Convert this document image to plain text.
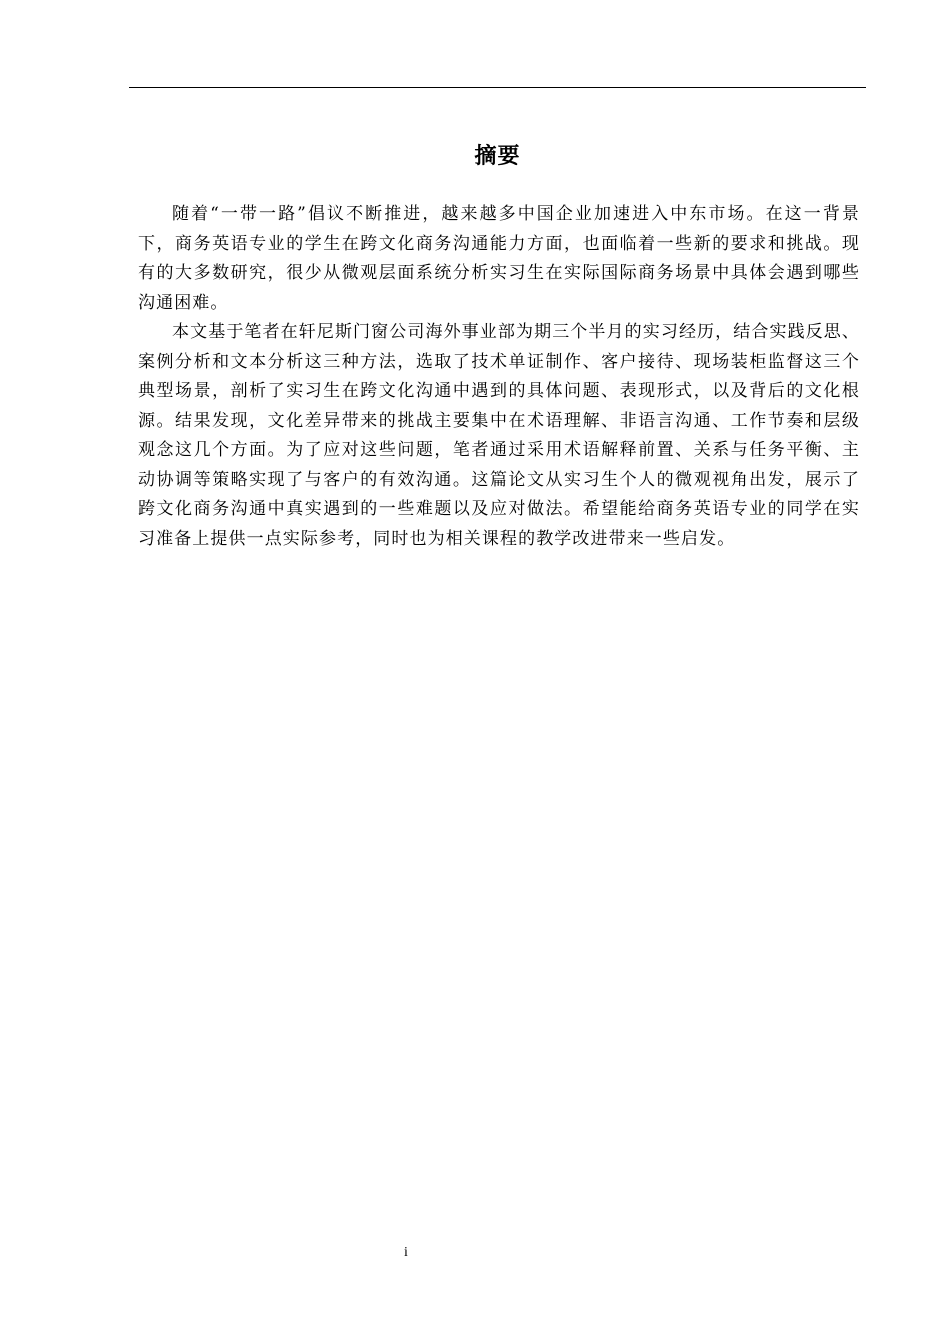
摘要

随着“一带一路”倡议不断推进，越来越多中国企业加速进入中东市场。在这一背景下，商务英语专业的学生在跨文化商务沟通能力方面，也面临着一些新的要求和挑战。现有的大多数研究，很少从微观层面系统分析实习生在实际国际商务场景中具体会遇到哪些沟通困难。

本文基于笔者在轩尼斯门窗公司海外事业部为期三个半月的实习经历，结合实践反思、案例分析和文本分析这三种方法，选取了技术单证制作、客户接待、现场装柜监督这三个典型场景，剖析了实习生在跨文化沟通中遇到的具体问题、表现形式，以及背后的文化根源。结果发现，文化差异带来的挑战主要集中在术语理解、非语言沟通、工作节奏和层级观念这几个方面。为了应对这些问题，笔者通过采用术语解释前置、关系与任务平衡、主动协调等策略实现了与客户的有效沟通。这篇论文从实习生个人的微观视角出发，展示了跨文化商务沟通中真实遇到的一些难题以及应对做法。希望能给商务英语专业的同学在实习准备上提供一点实际参考，同时也为相关课程的教学改进带来一些启发。

i
